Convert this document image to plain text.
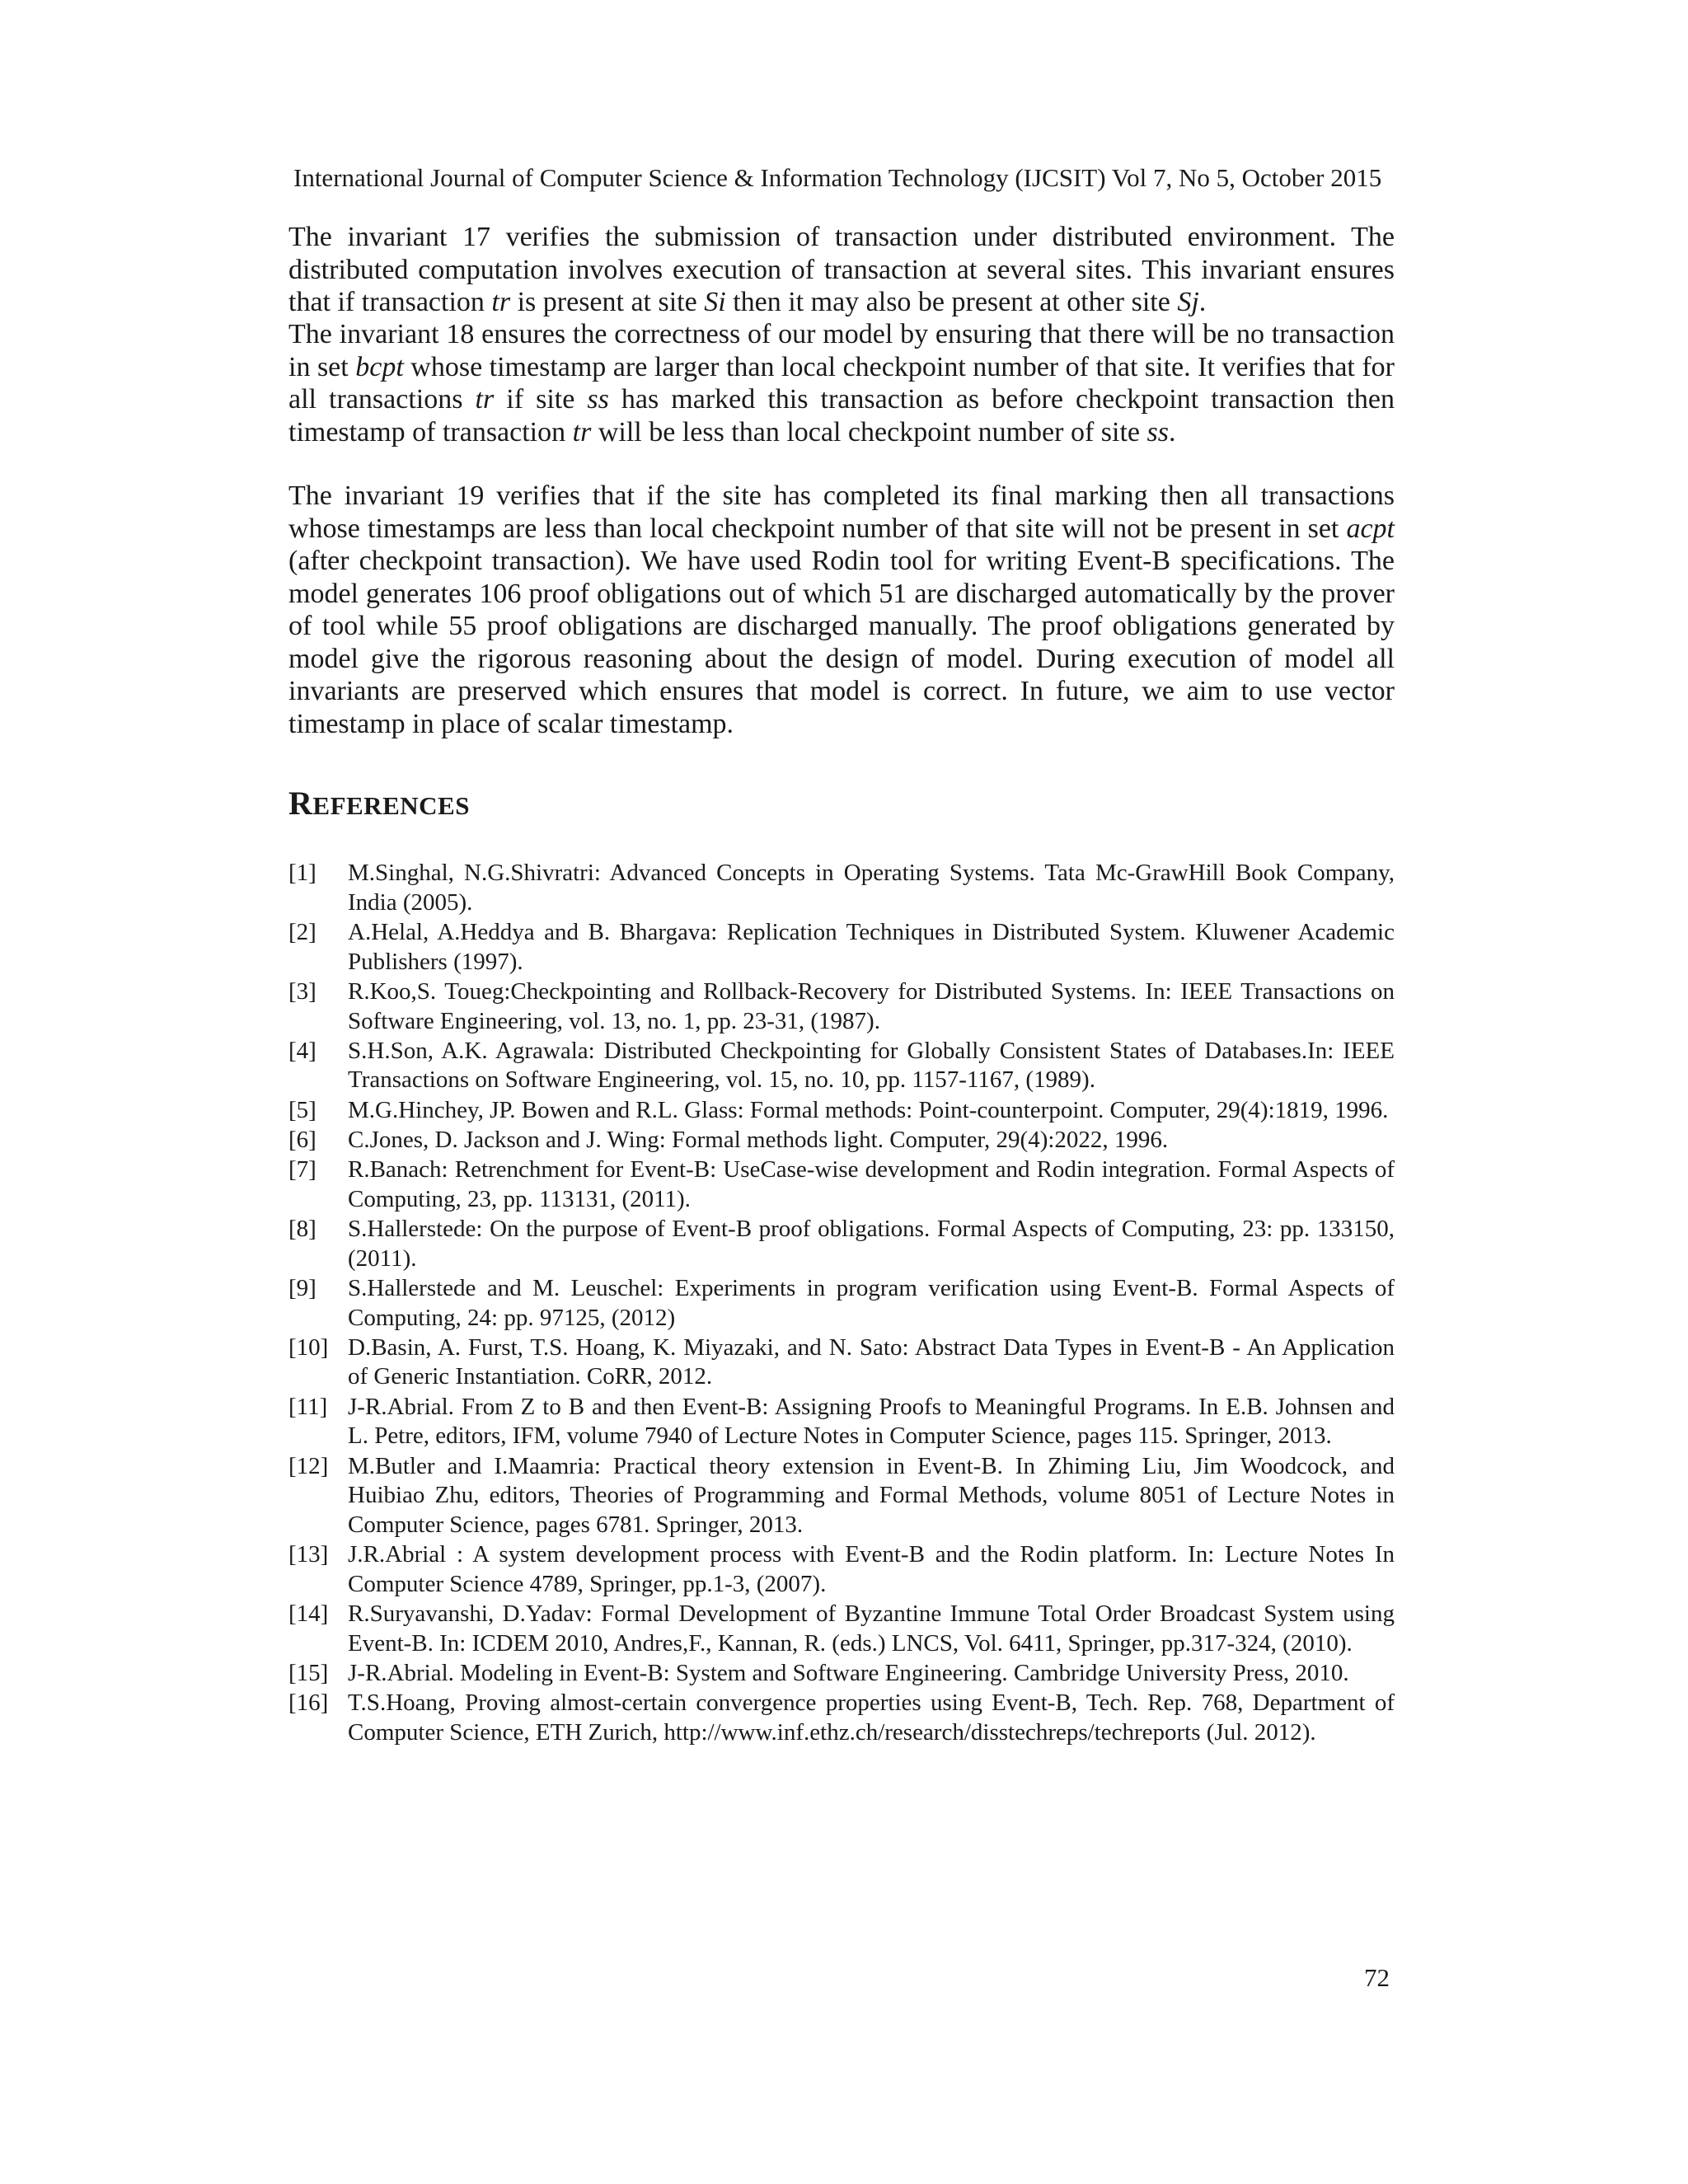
International Journal of Computer Science & Information Technology (IJCSIT) Vol 7, No 5, October 2015

The invariant 17 verifies the submission of transaction under distributed environment. The distributed computation involves execution of transaction at several sites. This invariant ensures that if transaction tr is present at site Si then it may also be present at other site Sj.

The invariant 18 ensures the correctness of our model by ensuring that there will be no transaction in set bcpt whose timestamp are larger than local checkpoint number of that site. It verifies that for all transactions tr if site ss has marked this transaction as before checkpoint transaction then timestamp of transaction tr will be less than local checkpoint number of site ss.

The invariant 19 verifies that if the site has completed its final marking then all transactions whose timestamps are less than local checkpoint number of that site will not be present in set acpt (after checkpoint transaction). We have used Rodin tool for writing Event-B specifications. The model generates 106 proof obligations out of which 51 are discharged automatically by the prover of tool while 55 proof obligations are discharged manually. The proof obligations generated by model give the rigorous reasoning about the design of model. During execution of model all invariants are preserved which ensures that model is correct. In future, we aim to use vector timestamp in place of scalar timestamp.

REFERENCES
[1]	M.Singhal, N.G.Shivratri: Advanced Concepts in Operating Systems. Tata Mc-GrawHill Book Company, India (2005).
[2]	A.Helal, A.Heddya and B. Bhargava: Replication Techniques in Distributed System. Kluwener Academic Publishers (1997).
[3]	R.Koo,S. Toueg:Checkpointing and Rollback-Recovery for Distributed Systems. In: IEEE Transactions on Software Engineering, vol. 13, no. 1, pp. 23-31, (1987).
[4]	S.H.Son, A.K. Agrawala: Distributed Checkpointing for Globally Consistent States of Databases.In: IEEE Transactions on Software Engineering, vol. 15, no. 10, pp. 1157-1167, (1989).
[5]	M.G.Hinchey, JP. Bowen and R.L. Glass: Formal methods: Point-counterpoint. Computer, 29(4):1819, 1996.
[6]	C.Jones, D. Jackson and J. Wing: Formal methods light. Computer, 29(4):2022, 1996.
[7]	R.Banach: Retrenchment for Event-B: UseCase-wise development and Rodin integration. Formal Aspects of Computing, 23, pp. 113131, (2011).
[8]	S.Hallerstede: On the purpose of Event-B proof obligations. Formal Aspects of Computing, 23: pp. 133150, (2011).
[9]	S.Hallerstede and M. Leuschel: Experiments in program verification using Event-B. Formal Aspects of Computing, 24: pp. 97125, (2012)
[10] D.Basin, A. Furst, T.S. Hoang, K. Miyazaki, and N. Sato: Abstract Data Types in Event-B - An Application of Generic Instantiation. CoRR, 2012.
[11] J-R.Abrial. From Z to B and then Event-B: Assigning Proofs to Meaningful Programs. In E.B. Johnsen and L. Petre, editors, IFM, volume 7940 of Lecture Notes in Computer Science, pages 115. Springer, 2013.
[12] M.Butler and I.Maamria: Practical theory extension in Event-B. In Zhiming Liu, Jim Woodcock, and Huibiao Zhu, editors, Theories of Programming and Formal Methods, volume 8051 of Lecture Notes in Computer Science, pages 6781. Springer, 2013.
[13] J.R.Abrial : A system development process with Event-B and the Rodin platform. In: Lecture Notes In Computer Science 4789, Springer, pp.1-3, (2007).
[14] R.Suryavanshi, D.Yadav: Formal Development of Byzantine Immune Total Order Broadcast System using Event-B. In: ICDEM 2010, Andres,F., Kannan, R. (eds.) LNCS, Vol. 6411, Springer, pp.317-324, (2010).
[15] J-R.Abrial. Modeling in Event-B: System and Software Engineering. Cambridge University Press, 2010.
[16] T.S.Hoang, Proving almost-certain convergence properties using Event-B, Tech. Rep. 768, Department of Computer Science, ETH Zurich, http://www.inf.ethz.ch/research/disstechreps/techreports (Jul. 2012).
72
